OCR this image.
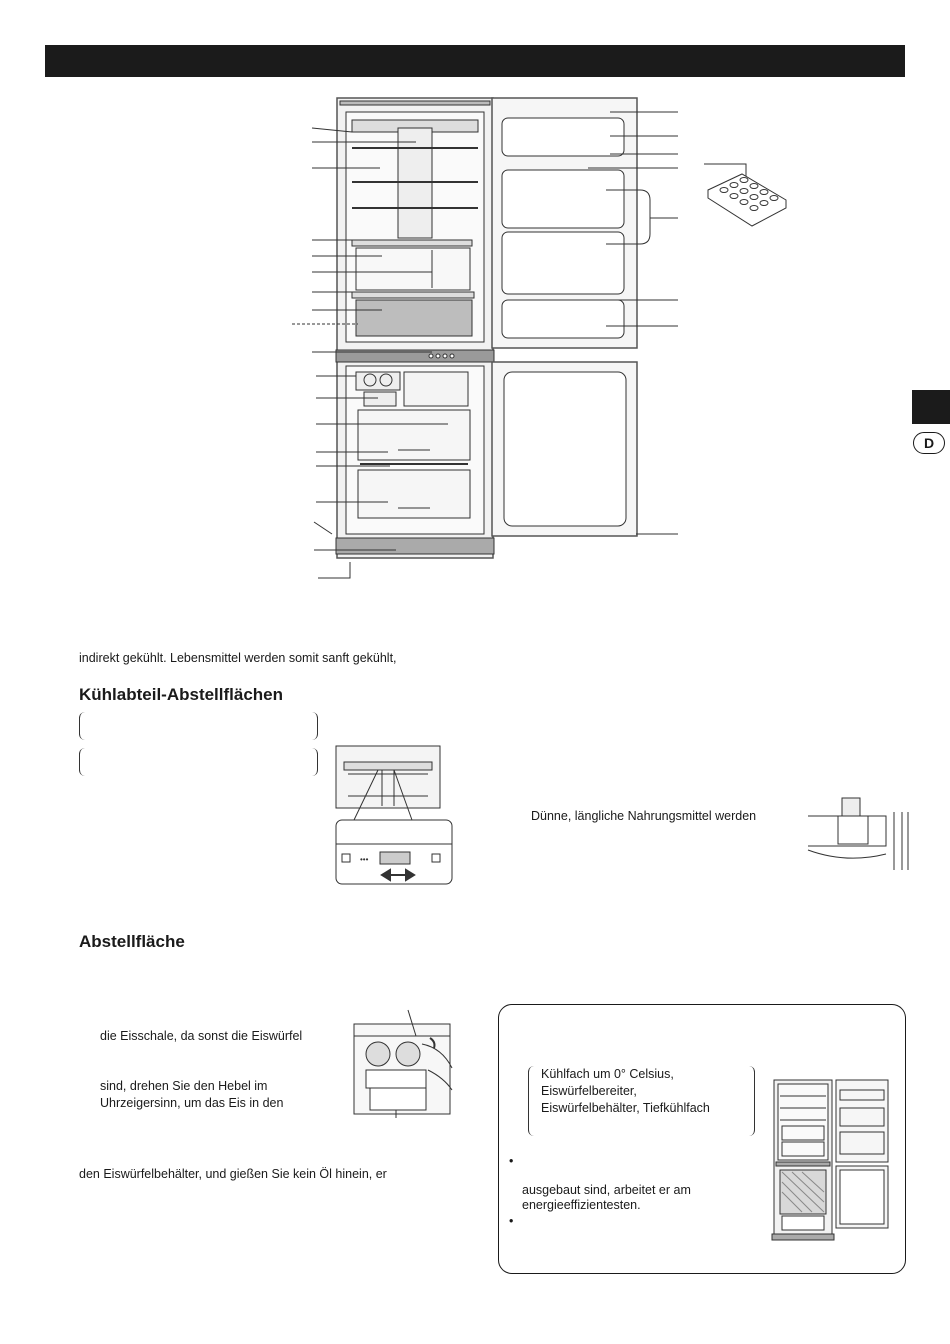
D
indirekt gekühlt. Lebensmittel werden somit sanft gekühlt,
Kühlabteil-Abstellflächen
•••
Dünne, längliche Nahrungsmittel werden
Abstellfläche
die Eisschale, da sonst die Eiswürfel
sind, drehen Sie den Hebel im
Uhrzeigersinn, um das Eis in den
den Eiswürfelbehälter, und gießen Sie kein Öl hinein, er
Kühlfach um 0° Celsius,
Eiswürfelbereiter,
Eiswürfelbehälter, Tiefkühlfach
•
ausgebaut sind, arbeitet er am
energieeffizientesten.
•
